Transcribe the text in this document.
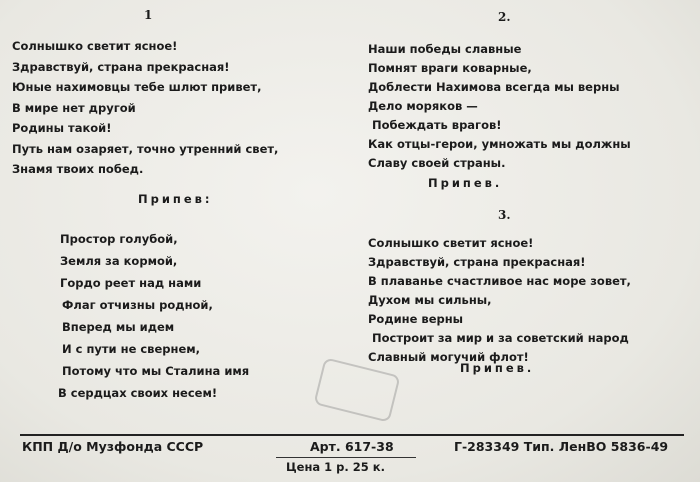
1
Солнышко светит ясное!
Здравствуй, страна прекрасная!
Юные нахимовцы тебе шлют привет,
В мире нет другой
Родины такой!
Путь нам озаряет, точно утренний свет,
Знамя твоих побед.
Припев:
Простор голубой,
Земля за кормой,
Гордо реет над нами
Флаг отчизны родной,
Вперед мы идем
И с пути не свернем,
Потому что мы Сталина имя
В сердцах своих несем!
2.
Наши победы славные
Помнят враги коварные,
Доблести Нахимова всегда мы верны
Дело моряков —
Побеждать врагов!
Как отцы-герои, умножать мы должны
Славу своей страны.
Припев.
3.
Солнышко светит ясное!
Здравствуй, страна прекрасная!
В плаванье счастливое нас море зовет,
Духом мы сильны,
Родине верны
Построит за мир и за советский народ
Славный могучий флот!
Припев.
КПП Д/о Музфонда СССР	Арт. 617-38	Г-283349 Тип. ЛенВО 5836-49
Цена 1 р. 25 к.
